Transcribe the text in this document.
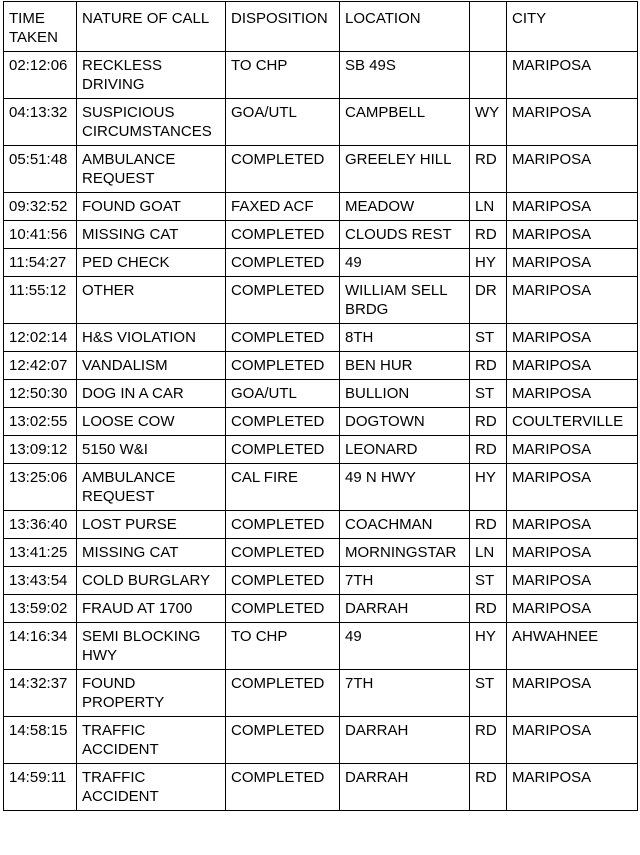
TIME TAKEN	NATURE OF CALL	DISPOSITION	LOCATION		CITY
02:12:06	RECKLESS DRIVING	TO CHP	SB 49S		MARIPOSA
04:13:32	SUSPICIOUS CIRCUMSTANCES	GOA/UTL	CAMPBELL	WY	MARIPOSA
05:51:48	AMBULANCE REQUEST	COMPLETED	GREELEY HILL	RD	MARIPOSA
09:32:52	FOUND GOAT	FAXED ACF	MEADOW	LN	MARIPOSA
10:41:56	MISSING CAT	COMPLETED	CLOUDS REST	RD	MARIPOSA
11:54:27	PED CHECK	COMPLETED	49	HY	MARIPOSA
11:55:12	OTHER	COMPLETED	WILLIAM SELL BRDG	DR	MARIPOSA
12:02:14	H&S VIOLATION	COMPLETED	8TH	ST	MARIPOSA
12:42:07	VANDALISM	COMPLETED	BEN HUR	RD	MARIPOSA
12:50:30	DOG IN A CAR	GOA/UTL	BULLION	ST	MARIPOSA
13:02:55	LOOSE COW	COMPLETED	DOGTOWN	RD	COULTERVILLE
13:09:12	5150 W&I	COMPLETED	LEONARD	RD	MARIPOSA
13:25:06	AMBULANCE REQUEST	CAL FIRE	49 N HWY	HY	MARIPOSA
13:36:40	LOST PURSE	COMPLETED	COACHMAN	RD	MARIPOSA
13:41:25	MISSING CAT	COMPLETED	MORNINGSTAR	LN	MARIPOSA
13:43:54	COLD BURGLARY	COMPLETED	7TH	ST	MARIPOSA
13:59:02	FRAUD AT 1700	COMPLETED	DARRAH	RD	MARIPOSA
14:16:34	SEMI BLOCKING HWY	TO CHP	49	HY	AHWAHNEE
14:32:37	FOUND PROPERTY	COMPLETED	7TH	ST	MARIPOSA
14:58:15	TRAFFIC ACCIDENT	COMPLETED	DARRAH	RD	MARIPOSA
14:59:11	TRAFFIC ACCIDENT	COMPLETED	DARRAH	RD	MARIPOSA
